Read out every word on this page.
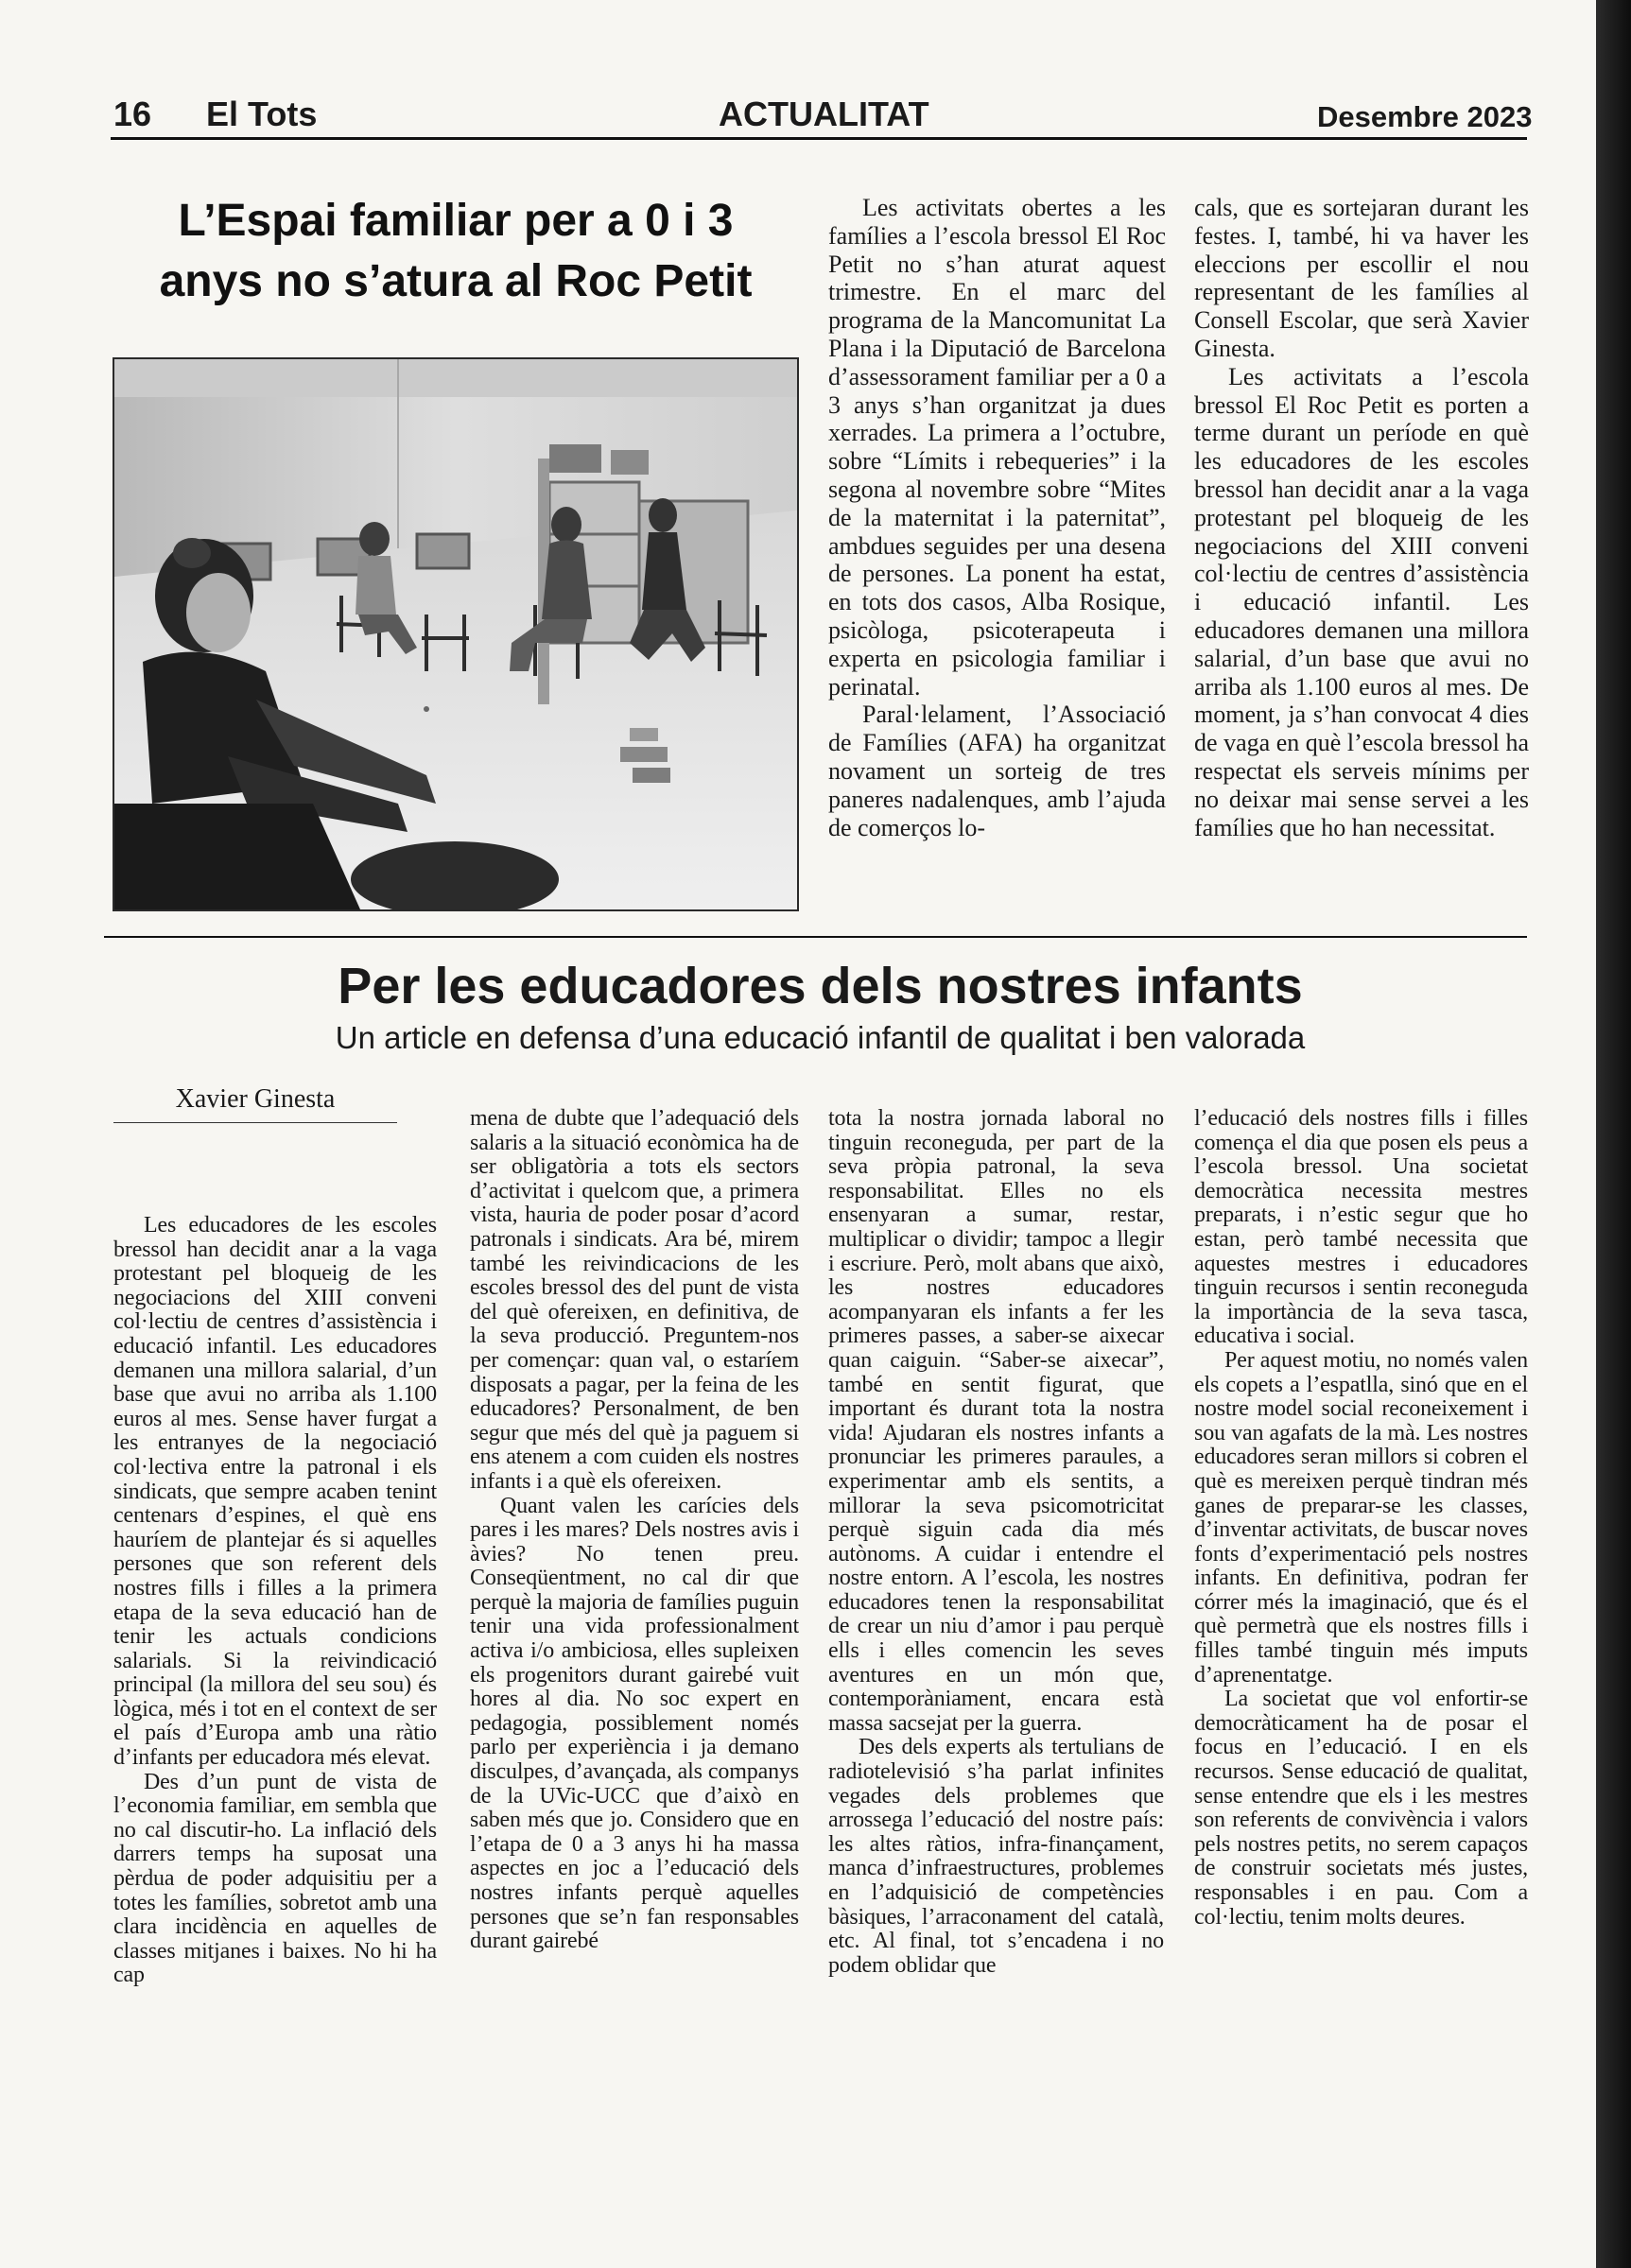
16 El Tots	ACTUALITAT	Desembre 2023
L’Espai familiar per a 0 i 3
anys no s’atura al Roc Petit

Les activitats obertes a les famílies a l’escola bressol El Roc Petit no s’han aturat aquest trimestre. En el marc del programa de la Mancomunitat La Plana i la Diputació de Barcelona d’assessorament familiar per a 0 a 3 anys s’han organitzat ja dues xerrades. La primera a l’octubre, sobre “Límits i rebequeries” i la segona al novembre sobre “Mites de la maternitat i la paternitat”, ambdues seguides per una desena de persones. La ponent ha estat, en tots dos casos, Alba Rosique, psicòloga, psicoterapeuta i experta en psicologia familiar i perinatal.

Paral·lelament, l’Associació de Famílies (AFA) ha organitzat novament un sorteig de tres paneres nadalenques, amb l’ajuda de comerços lo-

cals, que es sortejaran durant les festes. I, també, hi va haver les eleccions per escollir el nou representant de les famílies al Consell Escolar, que serà Xavier Ginesta.

Les activitats a l’escola bressol El Roc Petit es porten a terme durant un període en què les educadores de les escoles bressol han decidit anar a la vaga protestant pel bloqueig de les negociacions del XIII conveni col·lectiu de centres d’assistència i educació infantil. Les educadores demanen una millora salarial, d’un base que avui no arriba als 1.100 euros al mes. De moment, ja s’han convocat 4 dies de vaga en què l’escola bressol ha respectat els serveis mínims per no deixar mai sense servei a les famílies que ho han necessitat.

Per les educadores dels nostres infants

Un article en defensa d’una educació infantil de qualitat i ben valorada

Xavier Ginesta

Les educadores de les escoles bressol han decidit anar a la vaga protestant pel bloqueig de les negociacions del XIII conveni col·lectiu de centres d’assistència i educació infantil. Les educadores demanen una millora salarial, d’un base que avui no arriba als 1.100 euros al mes. Sense haver furgat a les entranyes de la negociació col·lectiva entre la patronal i els sindicats, que sempre acaben tenint centenars d’espines, el què ens hauríem de plantejar és si aquelles persones que son referent dels nostres fills i filles a la primera etapa de la seva educació han de tenir les actuals condicions salarials. Si la reivindicació principal (la millora del seu sou) és lògica, més i tot en el context de ser el país d’Europa amb una ràtio d’infants per educadora més elevat.

Des d’un punt de vista de l’economia familiar, em sembla que no cal discutir-ho. La inflació dels darrers temps ha suposat una pèrdua de poder adquisitiu per a totes les famílies, sobretot amb una clara incidència en aquelles de classes mitjanes i baixes. No hi ha cap

mena de dubte que l’adequació dels salaris a la situació econòmica ha de ser obligatòria a tots els sectors d’activitat i quelcom que, a primera vista, hauria de poder posar d’acord patronals i sindicats. Ara bé, mirem també les reivindicacions de les escoles bressol des del punt de vista del què ofereixen, en definitiva, de la seva producció. Preguntem-nos per començar: quan val, o estaríem disposats a pagar, per la feina de les educadores? Personalment, de ben segur que més del què ja paguem si ens atenem a com cuiden els nostres infants i a què els ofereixen.

Quant valen les carícies dels pares i les mares? Dels nostres avis i àvies? No tenen preu. Conseqüentment, no cal dir que perquè la majoria de famílies puguin tenir una vida professionalment activa i/o ambiciosa, elles supleixen els progenitors durant gairebé vuit hores al dia. No soc expert en pedagogia, possiblement només parlo per experiència i ja demano disculpes, d’avançada, als companys de la UVic-UCC que d’això en saben més que jo. Considero que en l’etapa de 0 a 3 anys hi ha massa aspectes en joc a l’educació dels nostres infants perquè aquelles persones que se’n fan responsables durant gairebé

tota la nostra jornada laboral no tinguin reconeguda, per part de la seva pròpia patronal, la seva responsabilitat. Elles no els ensenyaran a sumar, restar, multiplicar o dividir; tampoc a llegir i escriure. Però, molt abans que això, les nostres educadores acompanyaran els infants a fer les primeres passes, a saber-se aixecar quan caiguin. “Saber-se aixecar”, també en sentit figurat, que important és durant tota la nostra vida! Ajudaran els nostres infants a pronunciar les primeres paraules, a experimentar amb els sentits, a millorar la seva psicomotricitat perquè siguin cada dia més autònoms. A cuidar i entendre el nostre entorn. A l’escola, les nostres educadores tenen la responsabilitat de crear un niu d’amor i pau perquè ells i elles comencin les seves aventures en un món que, contemporàniament, encara està massa sacsejat per la guerra.

Des dels experts als tertulians de radiotelevisió s’ha parlat infinites vegades dels problemes que arrossega l’educació del nostre país: les altes ràtios, infra-finançament, manca d’infraestructures, problemes en l’adquisició de competències bàsiques, l’arraconament del català, etc. Al final, tot s’encadena i no podem oblidar que

l’educació dels nostres fills i filles comença el dia que posen els peus a l’escola bressol. Una societat democràtica necessita mestres preparats, i n’estic segur que ho estan, però també necessita que aquestes mestres i educadores tinguin recursos i sentin reconeguda la importància de la seva tasca, educativa i social.

Per aquest motiu, no només valen els copets a l’espatlla, sinó que en el nostre model social reconeixement i sou van agafats de la mà. Les nostres educadores seran millors si cobren el què es mereixen perquè tindran més ganes de preparar-se les classes, d’inventar activitats, de buscar noves fonts d’experimentació pels nostres infants. En definitiva, podran fer córrer més la imaginació, que és el què permetrà que els nostres fills i filles també tinguin més imputs d’aprenentatge.

La societat que vol enfortir-se democràticament ha de posar el focus en l’educació. I en els recursos. Sense educació de qualitat, sense entendre que els i les mestres son referents de convivència i valors pels nostres petits, no serem capaços de construir societats més justes, responsables i en pau. Com a col·lectiu, tenim molts deures.
